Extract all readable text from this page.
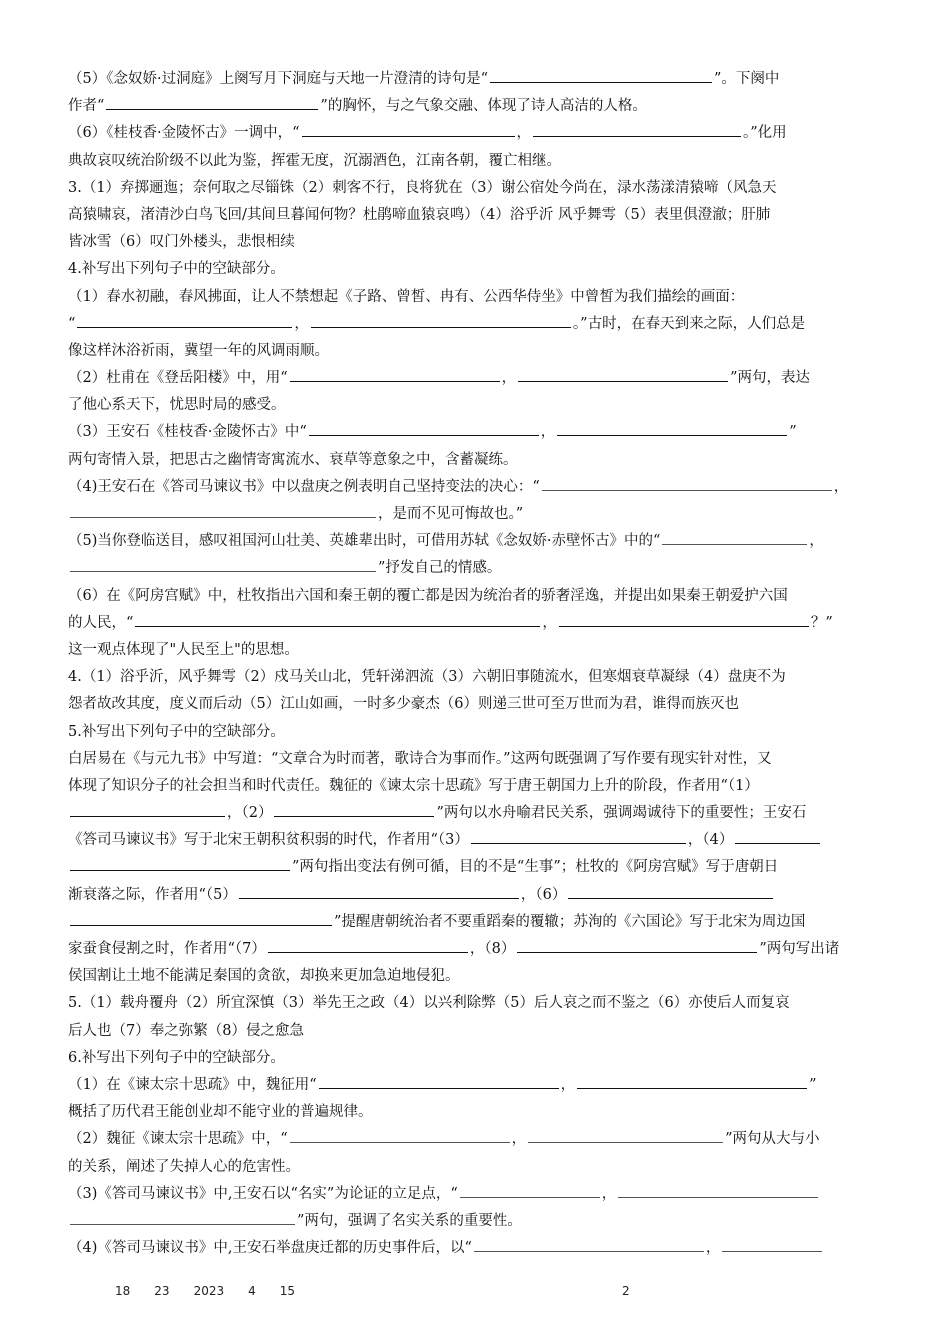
（5）《念奴娇·过洞庭》上阕写月下洞庭与天地一片澄清的诗句是“	”。下阕中
作者“	”的胸怀，与之气象交融、体现了诗人高洁的人格。
（6）《桂枝香·金陵怀古》一调中，“	，	。”化用
典故哀叹统治阶级不以此为鉴，挥霍无度，沉溺酒色，江南各朝，覆亡相继。
3.（1）弃掷逦迤；奈何取之尽锱铢（2）刺客不行，良将犹在（3）谢公宿处今尚在，渌水荡漾清猿啼（风急天
高猿啸哀，渚清沙白鸟飞回/其间旦暮闻何物？杜鹃啼血猿哀鸣）（4）浴乎沂 风乎舞雩（5）表里俱澄澈；肝肺
皆冰雪（6）叹门外楼头，悲恨相续
4.补写出下列句子中的空缺部分。
（1）春水初融，春风拂面，让人不禁想起《子路、曾皙、冉有、公西华侍坐》中曾皙为我们描绘的画面：
“	，	。”古时，在春天到来之际，人们总是
像这样沐浴祈雨，冀望一年的风调雨顺。
（2）杜甫在《登岳阳楼》中，用“	，	”两句，表达
了他心系天下，忧思时局的感受。
（3）王安石《桂枝香·金陵怀古》中“	，	”
两句寄情入景，把思古之幽情寄寓流水、衰草等意象之中，含蓄凝练。
（4)王安石在《答司马谏议书》中以盘庚之例表明自己坚持变法的决心：“	，
，是而不见可悔故也。”
（5)当你登临送目，感叹祖国河山壮美、英雄辈出时，可借用苏轼《念奴娇·赤壁怀古》中的“	，
”抒发自己的情感。
（6）在《阿房宫赋》中，杜牧指出六国和秦王朝的覆亡都是因为统治者的骄奢淫逸，并提出如果秦王朝爱护六国
的人民，“	，	？”
这一观点体现了"人民至上"的思想。
4.（1）浴乎沂，风乎舞雩（2）戍马关山北，凭轩涕泗流（3）六朝旧事随流水，但寒烟衰草凝绿（4）盘庚不为
怨者故改其度，度义而后动（5）江山如画，一时多少豪杰（6）则递三世可至万世而为君，谁得而族灭也
5.补写出下列句子中的空缺部分。
白居易在《与元九书》中写道：“文章合为时而著，歌诗合为事而作。”这两句既强调了写作要有现实针对性，又
体现了知识分子的社会担当和时代责任。魏征的《谏太宗十思疏》写于唐王朝国力上升的阶段，作者用“（1）
，（2）	”两句以水舟喻君民关系，强调竭诚待下的重要性；王安石
《答司马谏议书》写于北宋王朝积贫积弱的时代，作者用“（3）	，（4）
”两句指出变法有例可循，目的不是“生事”；杜牧的《阿房宫赋》写于唐朝日
渐衰落之际，作者用“（5）	，（6）
”提醒唐朝统治者不要重蹈秦的覆辙；苏洵的《六国论》写于北宋为周边国
家蚕食侵割之时，作者用“（7）	，（8）	”两句写出诸
侯国割让土地不能满足秦国的贪欲，却换来更加急迫地侵犯。
5.（1）载舟覆舟（2）所宜深慎（3）举先王之政（4）以兴利除弊（5）后人哀之而不鉴之（6）亦使后人而复哀
后人也（7）奉之弥繁（8）侵之愈急
6.补写出下列句子中的空缺部分。
（1）在《谏太宗十思疏》中，魏征用“	，	”
概括了历代君王能创业却不能守业的普遍规律。
（2）魏征《谏太宗十思疏》中，“	，	”两句从大与小
的关系，阐述了失掉人心的危害性。
（3)《答司马谏议书》中,王安石以“名实”为论证的立足点，“	，
”两句，强调了名实关系的重要性。
（4)《答司马谏议书》中,王安石举盘庚迁都的历史事件后，以“	，
18 23 2023 4 15	2
